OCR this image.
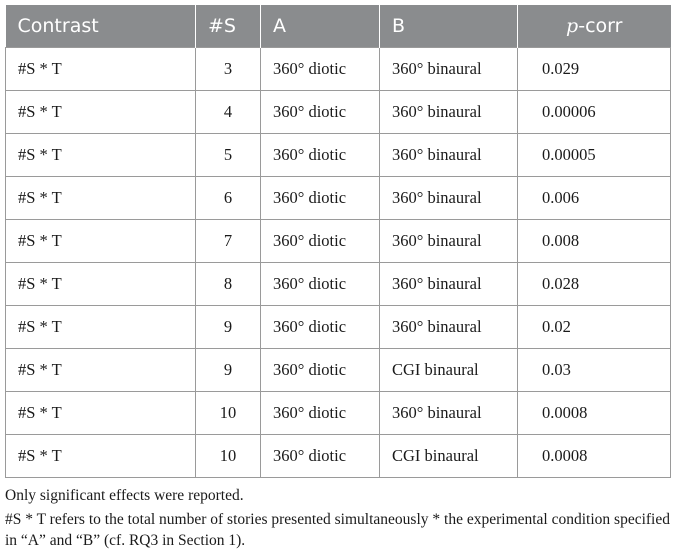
Contrast	#S	A	B	p-corr
#S * T	3	360° diotic	360° binaural	0.029
#S * T	4	360° diotic	360° binaural	0.00006
#S * T	5	360° diotic	360° binaural	0.00005
#S * T	6	360° diotic	360° binaural	0.006
#S * T	7	360° diotic	360° binaural	0.008
#S * T	8	360° diotic	360° binaural	0.028
#S * T	9	360° diotic	360° binaural	0.02
#S * T	9	360° diotic	CGI binaural	0.03
#S * T	10	360° diotic	360° binaural	0.0008
#S * T	10	360° diotic	CGI binaural	0.0008

Only significant effects were reported.

#S * T refers to the total number of stories presented simultaneously * the experimental condition specified in “A” and “B” (cf. RQ3 in Section 1).
